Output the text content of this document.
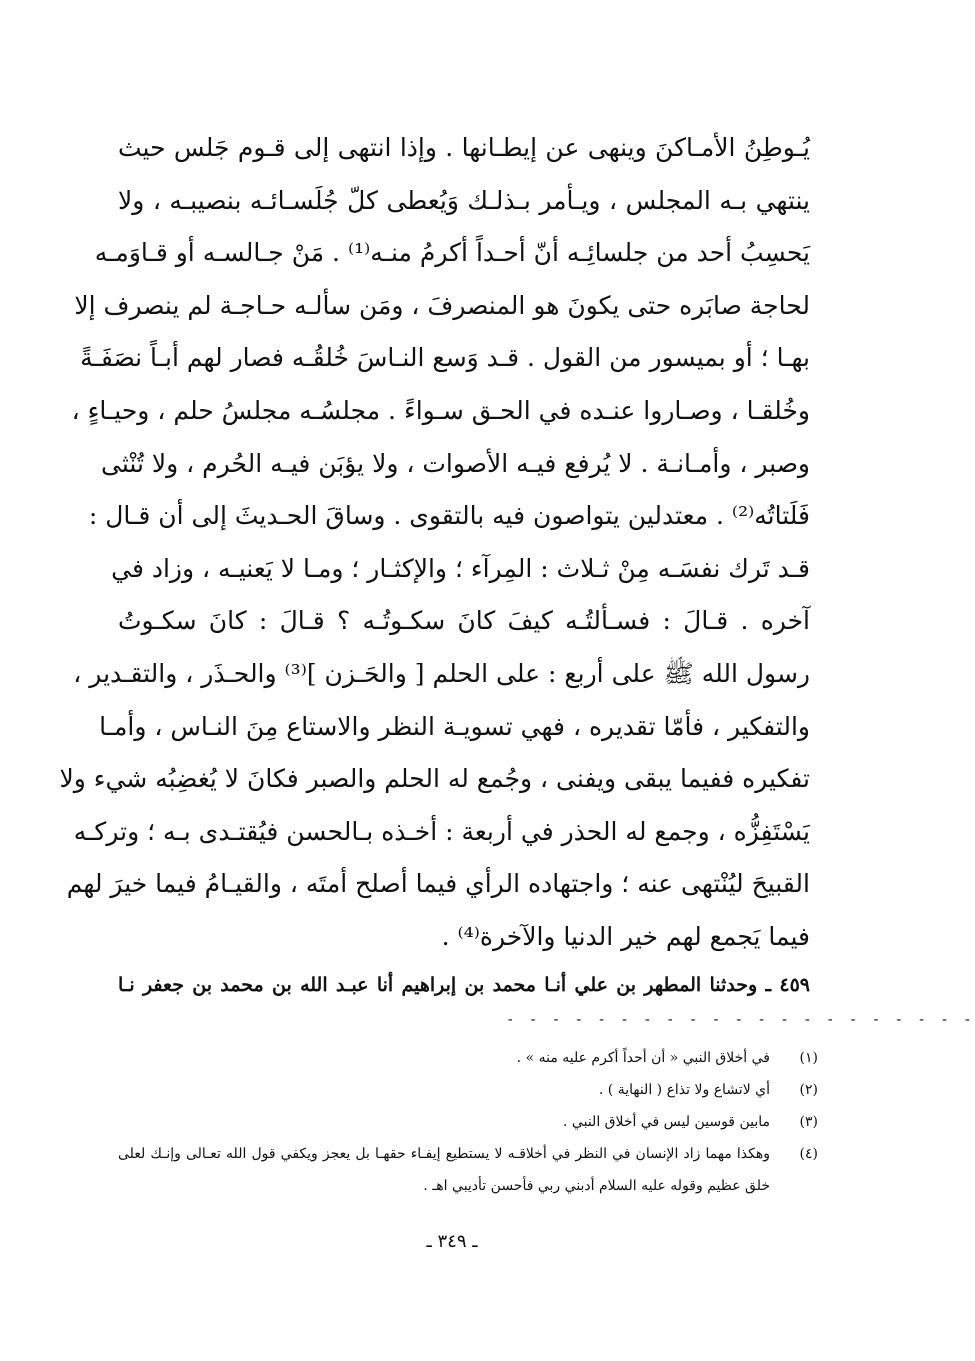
يُـوطِنُ الأمـاكنَ وينهى عن إيطـانها . وإذا انتهى إلى قـوم جَلس حيث
ينتهي بـه المجلس ، ويـأمر بـذلـك وَيُعطى كلّ جُلَسـائـه بنصيبـه ، ولا
يَحسِبُ أحد من جلسائِـه أنّ أحـداً أكرمُ منـه⁽¹⁾ . مَنْ جـالسـه أو قـاوَمـه
لحاجة صابَره حتى يكونَ هو المنصرفَ ، ومَن سألـه حـاجـة لم ينصرف إلا
بهـا ؛ أو بميسور من القول . قـد وَسع النـاسَ خُلقُـه فصار لهم أبـاً نصَفَـةً
وخُلقـا ، وصـاروا عنـده في الحـق سـواءً . مجلسُـه مجلسُ حلم ، وحيـاءٍ ،
وصبر ، وأمـانـة . لا يُرفع فيـه الأصوات ، ولا يؤبَن فيـه الحُرم ، ولا تُنْثى
فَلَتاتُه⁽²⁾ . معتدلين يتواصون فيه بالتقوى . وساقَ الحـديثَ إلى أن قـال :
قـد تَرك نفسَـه مِنْ ثـلاث : المِرآء ؛ والإكثـار ؛ ومـا لا يَعنيـه ، وزاد في
آخره . قـالَ : فسـألتُـه كيفَ كانَ سكـوتُـه ؟ قـالَ : كانَ سكـوتُ
رسول الله ﷺ على أربع : على الحلم [ والحَـزن ]⁽³⁾ والحـذَر ، والتقـدير ،
والتفكير ، فأمّا تقديره ، فهي تسويـة النظر والاستاع مِنَ النـاس ، وأمـا
تفكيره ففيما يبقى ويفنى ، وجُمع له الحلم والصبر فكانَ لا يُغضِبُه شيء ولا
يَسْتَفِزُّه ، وجمع له الحذر في أربعة : أخـذه بـالحسن فيُقتـدى بـه ؛ وتركـه
القبيحَ ليُنْتهى عنه ؛ واجتهاده الرأي فيما أصلح أمتَه ، والقيـامُ فيما خيرَ لهم
فيما يَجمع لهم خير الدنيا والآخرة⁽⁴⁾ .
٤٥٩ ـ وحدثنا المطهر بن علي أنـا محمد بن إبراهيم أنا عبـد الله بن محمد بن جعفر نـا
- - - - - - - - - - - - - - - - - - - - -
(١)
في أخلاق النبي « أن أحداً أكرم عليه منه » .
(٢)
أي لاتشاع ولا تذاع ( النهاية ) .
(٣)
مابين قوسين ليس في أخلاق النبي .
(٤)
وهكذا مهما زاد الإنسان في النظر في أخلاقـه لا يستطيع إيفـاء حقهـا بل يعجز ويكفي قول الله تعـالى وإنـك لعلى خلق عظيم وقوله عليه السلام أدبني ربي فأحسن تأديبي اهـ .
ـ ٣٤٩ ـ
